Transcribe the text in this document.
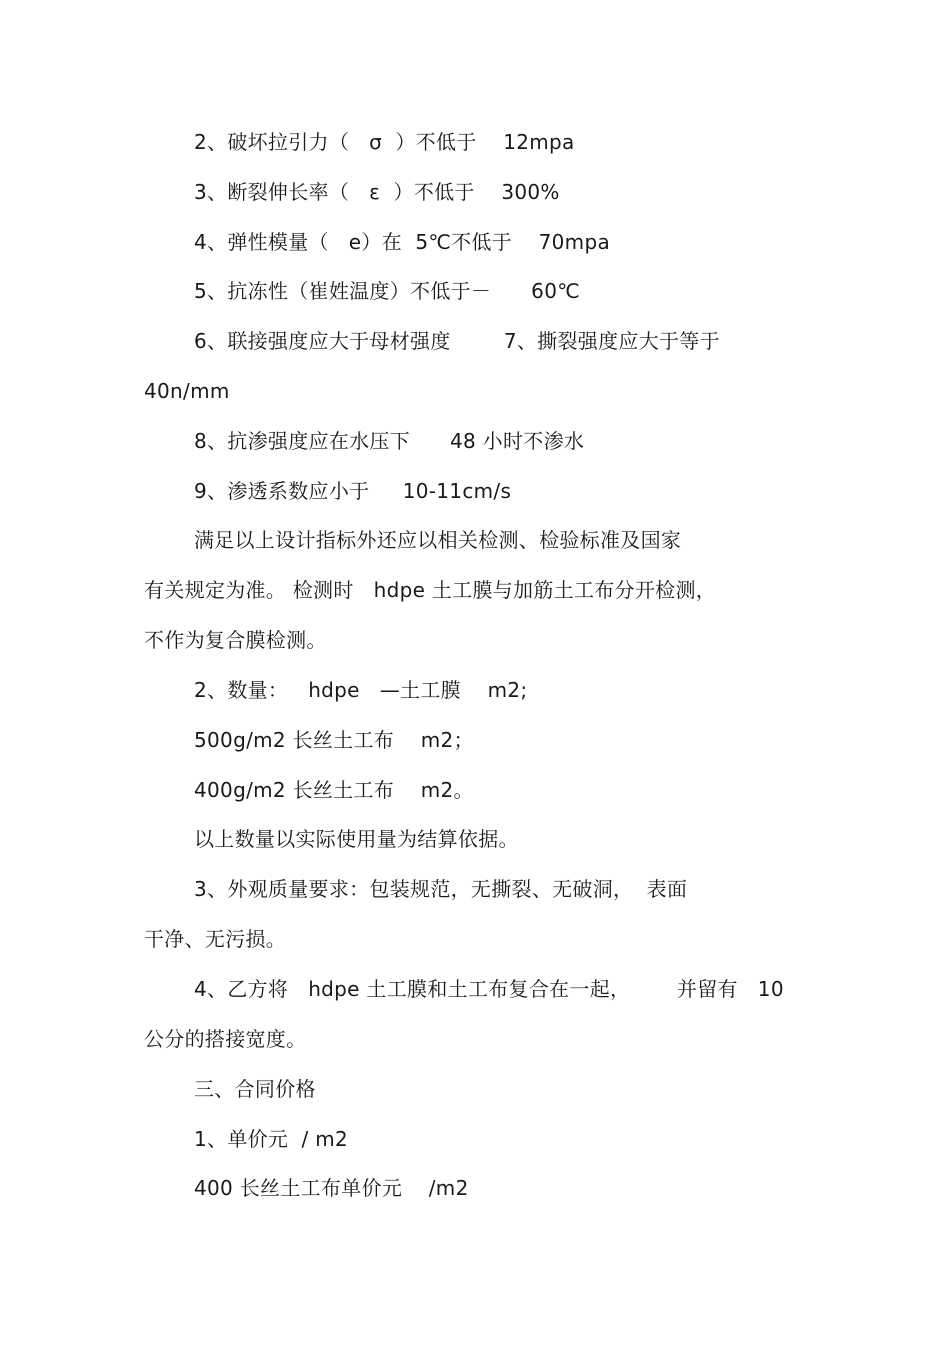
2、破坏拉引力（   σ  ）不低于    12mpa
3、断裂伸长率（   ε  ）不低于    300%
4、弹性模量（   e）在  5℃不低于    70mpa
5、抗冻性（崔姓温度）不低于－      60℃
6、联接强度应大于母材强度        7、撕裂强度应大于等于
40n/mm
8、抗渗强度应在水压下      48 小时不渗水
9、渗透系数应小于     10-11cm/s
满足以上设计指标外还应以相关检测、检验标准及国家
有关规定为准。 检测时   hdpe 土工膜与加筋土工布分开检测，
不作为复合膜检测。
2、数量：   hdpe   —土工膜    m2;
500g/m2 长丝土工布    m2；
400g/m2 长丝土工布    m2。
以上数量以实际使用量为结算依据。
3、外观质量要求：包装规范，无撕裂、无破洞，  表面
干净、无污损。
4、乙方将   hdpe 土工膜和土工布复合在一起，       并留有   10
公分的搭接宽度。
三、合同价格
1、单价元  / m2
400 长丝土工布单价元    /m2
